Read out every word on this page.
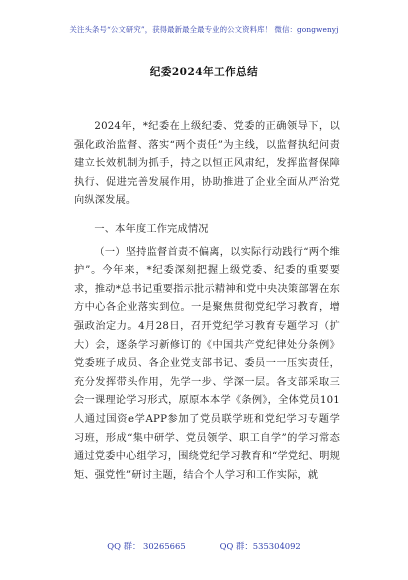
关注头条号“公文研究”，获得最新最全最专业的公文资料库！ 微信：gongwenyj
纪委2024年工作总结

2024年，*纪委在上级纪委、党委的正确领导下，以强化政治监督、落实“两个责任”为主线，以监督执纪问责建立长效机制为抓手，持之以恒正风肃纪，发挥监督保障执行、促进完善发展作用，协助推进了企业全面从严治党向纵深发展。

一、本年度工作完成情况

（一）坚持监督首责不偏离，以实际行动践行“两个维护”。今年来，*纪委深刻把握上级党委、纪委的重要要求，推动*总书记重要指示批示精神和党中央决策部署在东方中心各企业落实到位。一是聚焦贯彻党纪学习教育，增强政治定力。4月28日，召开党纪学习教育专题学习（扩大）会，逐条学习新修订的《中国共产党纪律处分条例》党委班子成员、各企业党支部书记、委员一一压实责任，充分发挥带头作用，先学一步、学深一层。各支部采取三会一课理论学习形式，原原本本学《条例》，全体党员101人通过国资e学APP参加了党员联学班和党纪学习专题学习班，形成“集中研学、党员领学、职工自学”的学习常态通过党委中心组学习，围绕党纪学习教育和“学党纪、明规矩、强党性”研讨主题，结合个人学习和工作实际，就

QQ 群： 30265665	QQ 群：535304092
